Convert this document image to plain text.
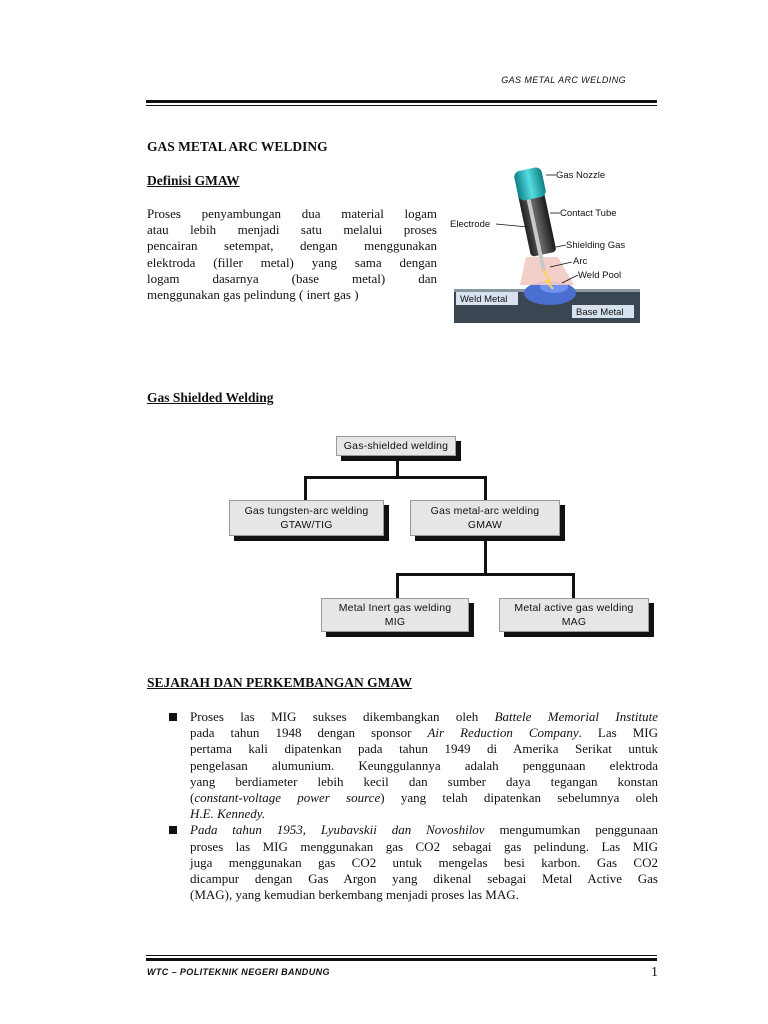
GAS METAL ARC WELDING
GAS METAL ARC WELDING
Definisi GMAW
Proses penyambungan dua material logam
atau lebih menjadi satu melalui proses
pencairan setempat, dengan menggunakan
elektroda (filler metal) yang sama dengan
logam dasarnya (base metal) dan
menggunakan gas pelindung ( inert gas )
Gas Nozzle
Contact Tube
Electrode
Shielding Gas
Arc
Weld Pool
Weld Metal
Base Metal
Gas Shielded Welding
Gas-shielded welding
Gas tungsten-arc welding
GTAW/TIG
Gas metal-arc welding
GMAW
Metal Inert gas welding
MIG
Metal active gas welding
MAG
SEJARAH DAN PERKEMBANGAN GMAW
Proses las MIG sukses dikembangkan oleh Battele Memorial Institute
pada tahun 1948 dengan sponsor Air Reduction Company. Las MIG
pertama kali dipatenkan pada tahun 1949 di Amerika Serikat untuk
pengelasan alumunium. Keunggulannya adalah penggunaan elektroda
yang berdiameter lebih kecil dan sumber daya tegangan konstan
(constant-voltage power source) yang telah dipatenkan sebelumnya oleh
H.E. Kennedy.
Pada tahun 1953, Lyubavskii dan Novoshilov mengumumkan penggunaan
proses las MIG menggunakan gas CO2 sebagai gas pelindung. Las MIG
juga menggunakan gas CO2 untuk mengelas besi karbon. Gas CO2
dicampur dengan Gas Argon yang dikenal sebagai Metal Active Gas
(MAG), yang kemudian berkembang menjadi proses las MAG.
WTC – POLITEKNIK NEGERI BANDUNG	1
